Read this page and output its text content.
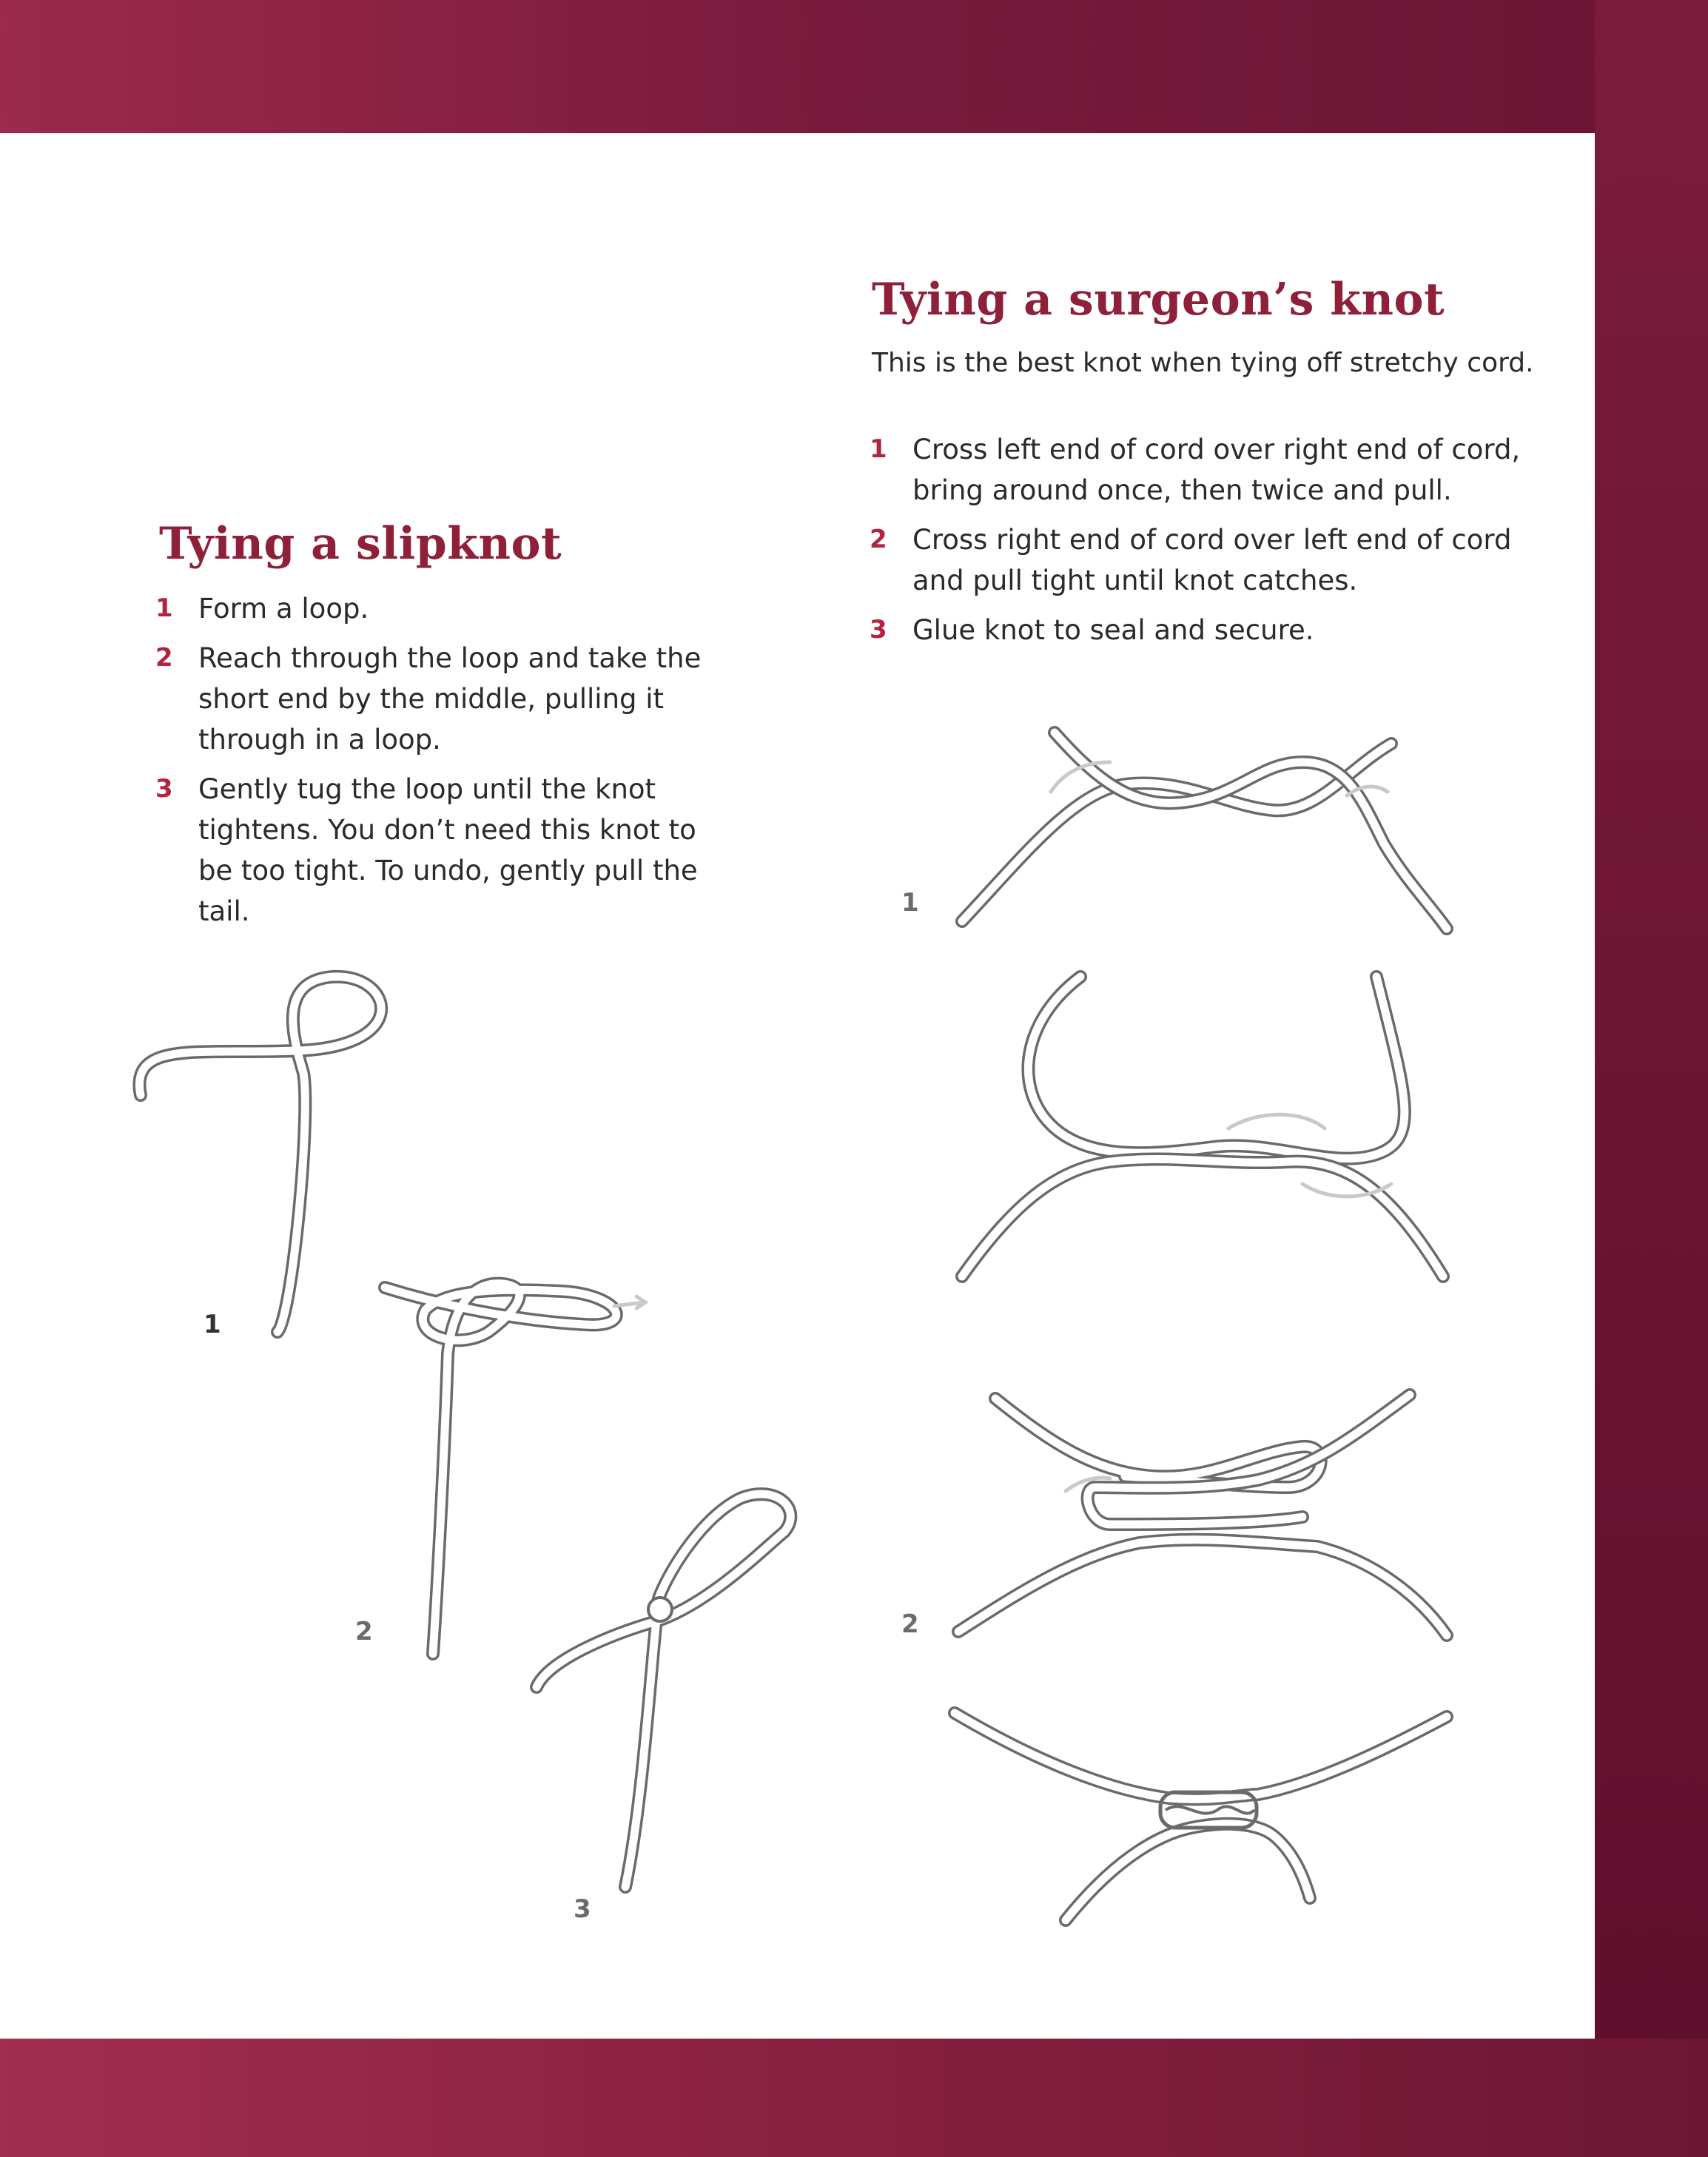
Tying a slipknot
1 Form a loop.
2 Reach through the loop and take the short end by the middle, pulling it through in a loop.
3 Gently tug the loop until the knot tightens. You don’t need this knot to be too tight. To undo, gently pull the tail.
Tying a surgeon’s knot

This is the best knot when tying off stretchy cord.

1 Cross left end of cord over right end of cord, bring around once, then twice and pull.
2 Cross right end of cord over left end of cord and pull tight until knot catches.
3 Glue knot to seal and secure.
1
2
3
1
2
